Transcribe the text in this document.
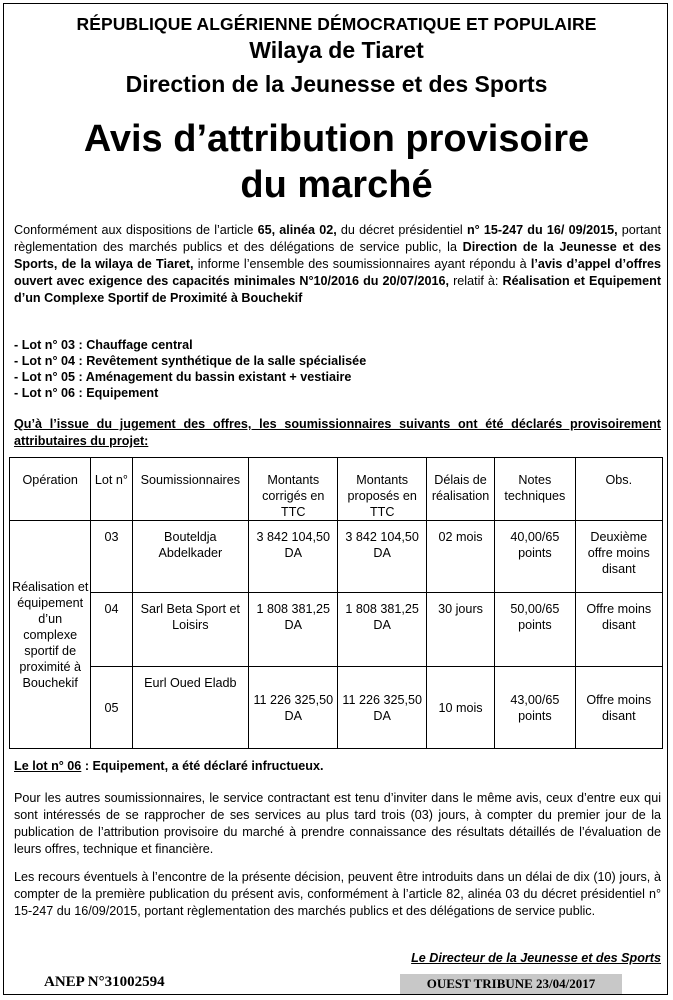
RÉPUBLIQUE ALGÉRIENNE DÉMOCRATIQUE ET POPULAIRE
Wilaya de Tiaret
Direction de la Jeunesse et des Sports
Avis d’attribution provisoire
du marché

Conformément aux dispositions de l’article 65, alinéa 02, du décret présidentiel n° 15-247 du 16/ 09/2015, portant règlementation des marchés publics et des délégations de service public, la Direction de la Jeunesse et des Sports, de la wilaya de Tiaret, informe l’ensemble des soumissionnaires ayant répondu à l’avis d’appel d’offres ouvert avec exigence des capacités minimales N°10/2016 du 20/07/2016, relatif à: Réalisation et Equipement d’un Complexe Sportif de Proximité à Bouchekif

- Lot n° 03 : Chauffage central
- Lot n° 04 : Revêtement synthétique de la salle spécialisée
- Lot n° 05 : Aménagement du bassin existant + vestiaire
- Lot n° 06 : Equipement

Qu’à l’issue du jugement des offres, les soumissionnaires suivants ont été déclarés provisoirement attributaires du projet:

Opération	Lot n°	Soumissionnaires	Montants corrigés en TTC	Montants proposés en TTC	Délais de réalisation	Notes techniques	Obs.
Réalisation et équipement d’un complexe sportif de proximité à Bouchekif	03	Bouteldja Abdelkader	3 842 104,50 DA	3 842 104,50 DA	02 mois	40,00/65 points	Deuxième offre moins disant
	04	Sarl Beta Sport et Loisirs	1 808 381,25 DA	1 808 381,25 DA	30 jours	50,00/65 points	Offre moins disant
	05	Eurl Oued Eladb	11 226 325,50 DA	11 226 325,50 DA	10 mois	43,00/65 points	Offre moins disant

Le lot n° 06 : Equipement, a été déclaré infructueux.

Pour les autres soumissionnaires, le service contractant est tenu d’inviter dans le même avis, ceux d’entre eux qui sont intéressés de se rapprocher de ses services au plus tard trois (03) jours, à compter du premier jour de la publication de l’attribution provisoire du marché à prendre connaissance des résultats détaillés de l’évaluation de leurs offres, technique et financière.

Les recours éventuels à l’encontre de la présente décision, peuvent être introduits dans un délai de dix (10) jours, à compter de la première publication du présent avis, conformément à l’article 82, alinéa 03 du décret présidentiel n° 15-247 du 16/09/2015, portant règlementation des marchés publics et des délégations de service public.

Le Directeur de la Jeunesse et des Sports
ANEP N°31002594	OUEST TRIBUNE 23/04/2017
